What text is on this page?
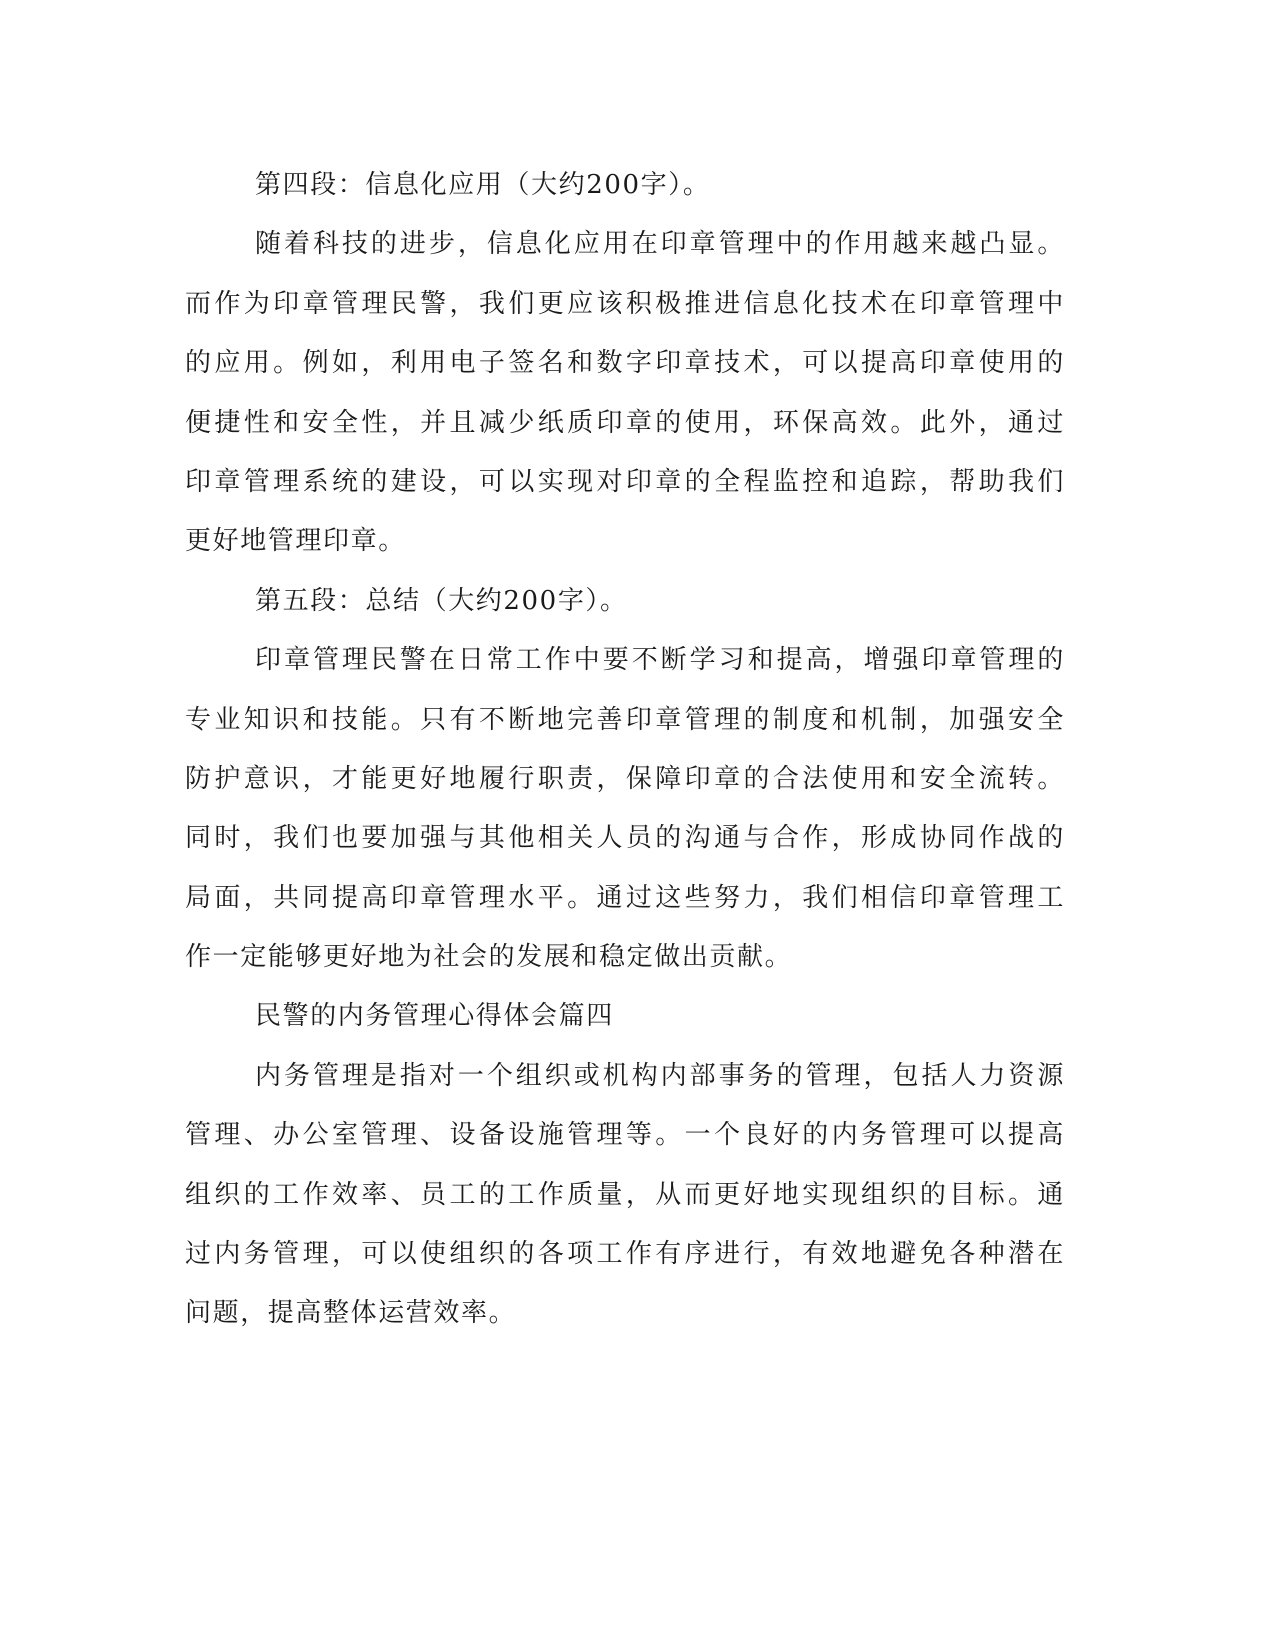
第四段：信息化应用（大约200字）。
随着科技的进步，信息化应用在印章管理中的作用越来越凸显。
而作为印章管理民警，我们更应该积极推进信息化技术在印章管理中
的应用。例如，利用电子签名和数字印章技术，可以提高印章使用的
便捷性和安全性，并且减少纸质印章的使用，环保高效。此外，通过
印章管理系统的建设，可以实现对印章的全程监控和追踪，帮助我们
更好地管理印章。
第五段：总结（大约200字）。
印章管理民警在日常工作中要不断学习和提高，增强印章管理的
专业知识和技能。只有不断地完善印章管理的制度和机制，加强安全
防护意识，才能更好地履行职责，保障印章的合法使用和安全流转。
同时，我们也要加强与其他相关人员的沟通与合作，形成协同作战的
局面，共同提高印章管理水平。通过这些努力，我们相信印章管理工
作一定能够更好地为社会的发展和稳定做出贡献。
民警的内务管理心得体会篇四
内务管理是指对一个组织或机构内部事务的管理，包括人力资源
管理、办公室管理、设备设施管理等。一个良好的内务管理可以提高
组织的工作效率、员工的工作质量，从而更好地实现组织的目标。通
过内务管理，可以使组织的各项工作有序进行，有效地避免各种潜在
问题，提高整体运营效率。
